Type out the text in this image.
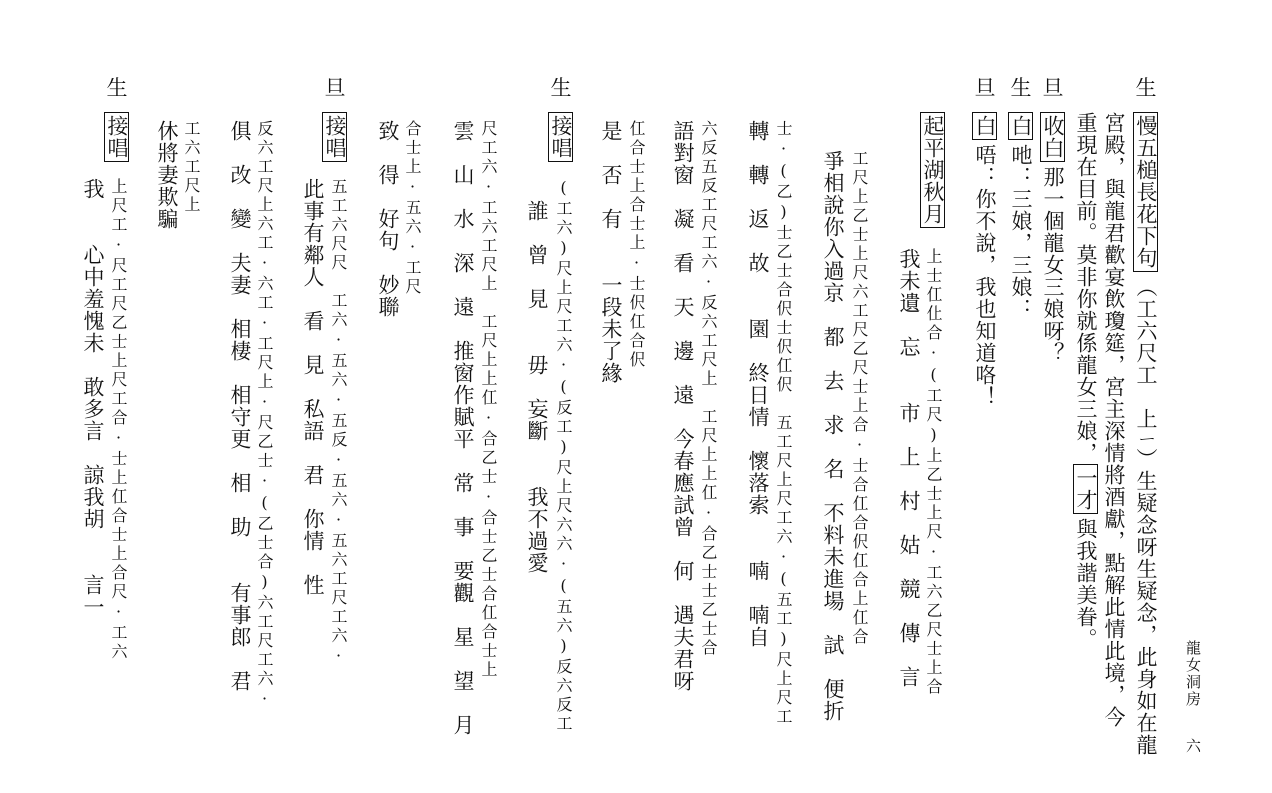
龍女洞房
六
生
旦
生
旦
生
旦
生
慢五槌長花下句（工六尺工　上ㄧ）生疑念呀生疑念，此身如在龍
宮殿，與龍君歡宴飲瓊筵，宮主深情將酒獻，點解此情此境，今
重現在目前。莫非你就係龍女三娘，一才與我諧美眷。
收白那一個龍女三娘呀？
白吔：三娘，三娘：
白唔：你不說，我也知道咯！
起平湖秋月
上士仜仩合·(工尺)上乙士上尺·工六乙尺士上合
我未遺　忘　　市　上　村　姑　競　傳　言
工尺上乙士上尺六工尺乙尺士上合·士合仜合伬仜合上仜合
爭相說你入過京　都　去　求　名　不料未進場　試　便折
士·(乙)士乙士合伬士伬仜伬　五工尺上尺工六·(五工)尺上尺工
轉　轉　返　故　　園　終日情　懷落索　　喃　喃自
六反五反工尺工六·反六工尺上　工尺上上仜·合乙士士乙士合
語對窗　凝　看　天　邊　遠　今春應試曾　何　遇夫君呀
仜合士上合士上·士伬仜合伬
是　否　有　　一段未了緣
接唱
(工六)尺上尺工六·(反工)尺上尺六六·(五六)反六反工
誰　曾　見　　毋　妄斷　　我不過愛
尺工六·工六工尺上　工尺上上仜·合乙士·合士乙士合仜合士上
雲　山　水　深　遠　推窗作賦平　常　事　要觀　星　望　月
合士上·五六·工尺
致　得　好句　妙聯
接唱
五工六尺尺　工六·五六·五反·五六·五六工尺工六·
此事有鄰人　看　見　私語　君　你情　性
反六工尺上六工·六工·工尺上·尺乙士·(乙士合)六工尺工六·
俱　改　變　夫妻　相棲　相守更　相　助　　有事郎　君
工六工尺上
休將妻欺騙
接唱
上尺工·尺工尺乙士上尺工合·士上仜合士上合尺·工六
我　　心中羞愧未　敢多言　諒我胡　　言一
